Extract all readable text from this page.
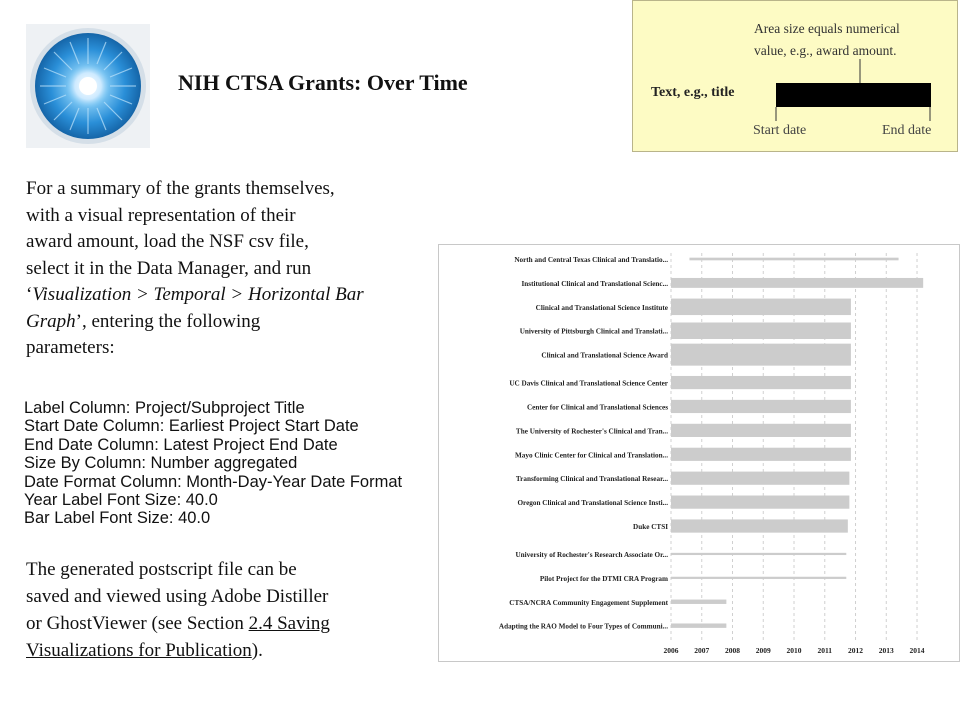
NIH CTSA Grants: Over Time
Area size equals numerical
value, e.g., award amount.
Text, e.g., title
Start date	End date
For a summary of the grants themselves,
with a visual representation of their
award amount, load the NSF csv file,
select it in the Data Manager, and run
‘Visualization > Temporal > Horizontal Bar
Graph’, entering the following
parameters:
Label Column: Project/Subproject Title
Start Date Column: Earliest Project Start Date
End Date Column: Latest Project End Date
Size By Column: Number aggregated
Date Format Column: Month-Day-Year Date Format
Year Label Font Size: 40.0
Bar Label Font Size: 40.0
The generated postscript file can be
saved and viewed using Adobe Distiller
or GhostViewer (see Section 2.4 Saving
Visualizations for Publication).
North and Central Texas Clinical and Translatio...
Institutional Clinical and Translational Scienc...
Clinical and Translational Science Institute
University of Pittsburgh Clinical and Translati...
Clinical and Translational Science Award
UC Davis Clinical and Translational Science Center
Center for Clinical and Translational Sciences
The University of Rochester's Clinical and Tran...
Mayo Clinic Center for Clinical and Translation...
Transforming Clinical and Translational Resear...
Oregon Clinical and Translational Science Insti...
Duke CTSI
University of Rochester's Research Associate Or...
Pilot Project for the DTMI CRA Program
CTSA/NCRA Community Engagement Supplement
Adapting the RAO Model to Four Types of Communi...
2006 2007 2008 2009 2010 2011 2012 2013 2014
